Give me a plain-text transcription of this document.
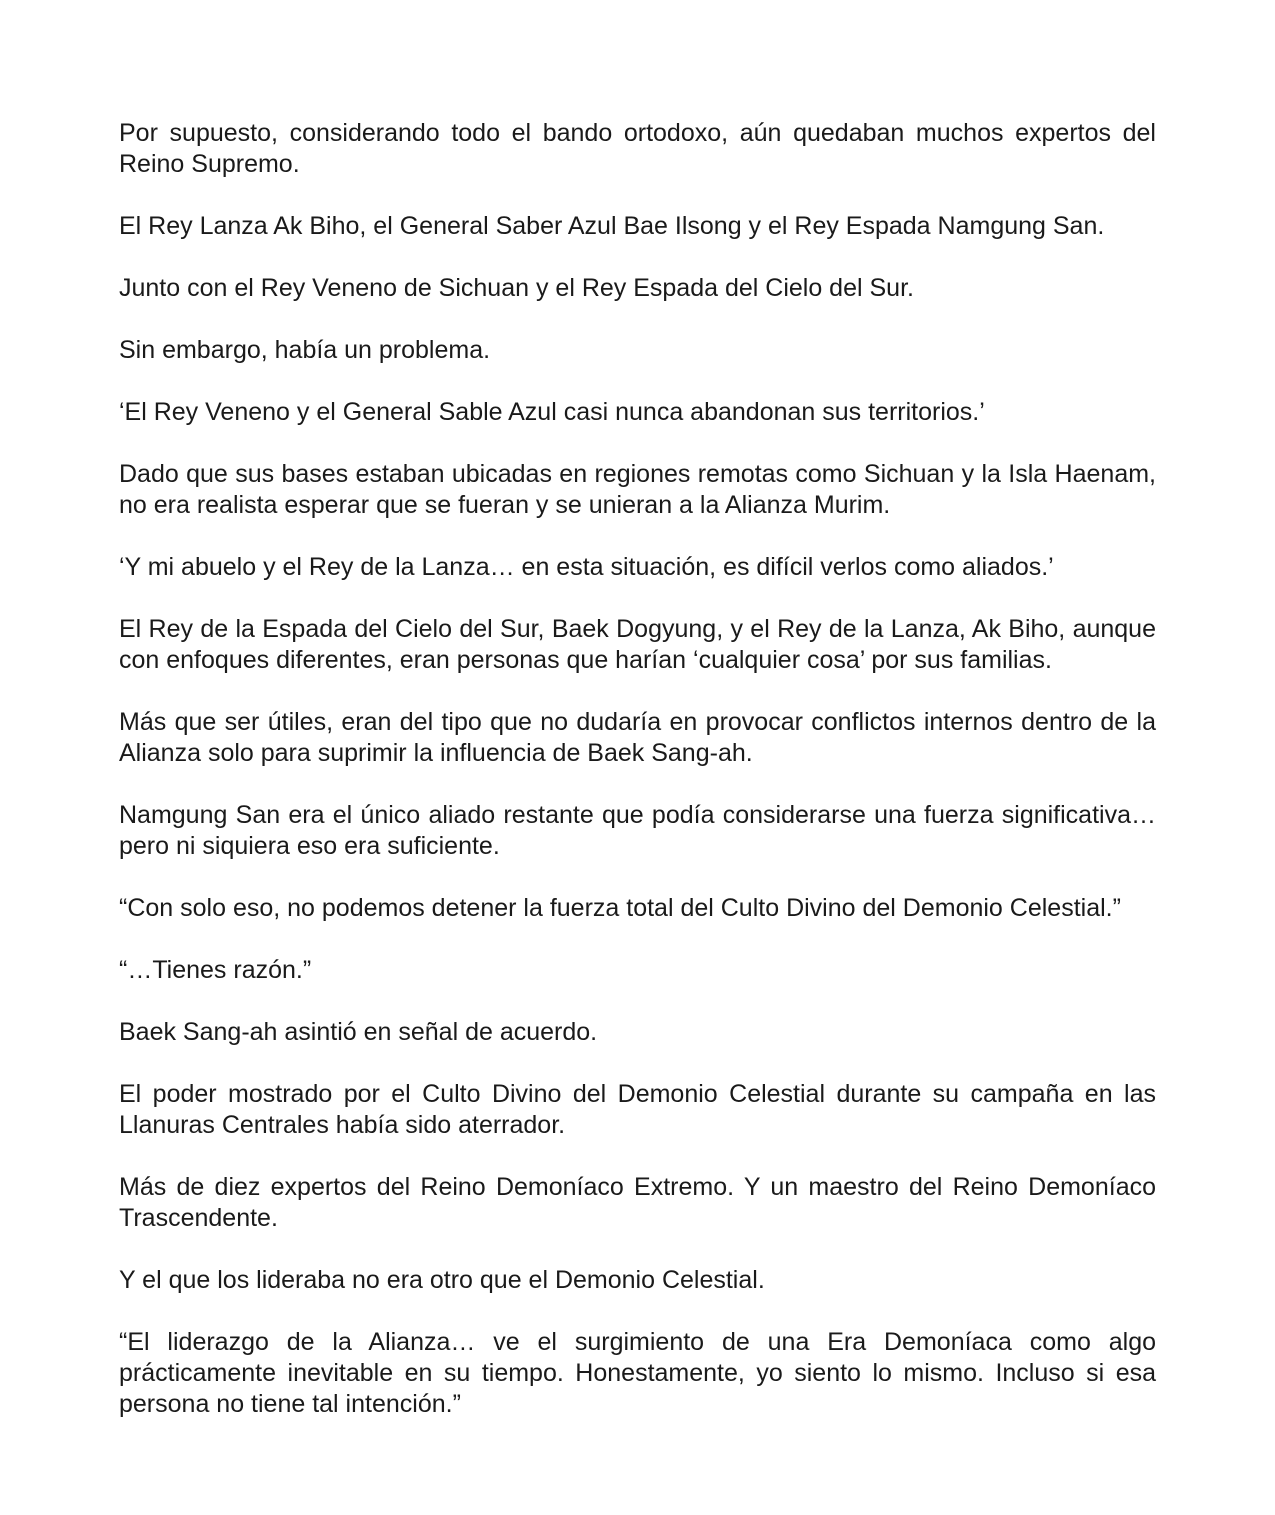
Por supuesto, considerando todo el bando ortodoxo, aún quedaban muchos expertos del Reino Supremo.

El Rey Lanza Ak Biho, el General Saber Azul Bae Ilsong y el Rey Espada Namgung San.

Junto con el Rey Veneno de Sichuan y el Rey Espada del Cielo del Sur.

Sin embargo, había un problema.

‘El Rey Veneno y el General Sable Azul casi nunca abandonan sus territorios.’

Dado que sus bases estaban ubicadas en regiones remotas como Sichuan y la Isla Haenam, no era realista esperar que se fueran y se unieran a la Alianza Murim.

‘Y mi abuelo y el Rey de la Lanza… en esta situación, es difícil verlos como aliados.’

El Rey de la Espada del Cielo del Sur, Baek Dogyung, y el Rey de la Lanza, Ak Biho, aunque con enfoques diferentes, eran personas que harían ‘cualquier cosa’ por sus familias.

Más que ser útiles, eran del tipo que no dudaría en provocar conflictos internos dentro de la Alianza solo para suprimir la influencia de Baek Sang-ah.

Namgung San era el único aliado restante que podía considerarse una fuerza significativa… pero ni siquiera eso era suficiente.

“Con solo eso, no podemos detener la fuerza total del Culto Divino del Demonio Celestial.”

“…Tienes razón.”

Baek Sang-ah asintió en señal de acuerdo.

El poder mostrado por el Culto Divino del Demonio Celestial durante su campaña en las Llanuras Centrales había sido aterrador.

Más de diez expertos del Reino Demoníaco Extremo. Y un maestro del Reino Demoníaco Trascendente.

Y el que los lideraba no era otro que el Demonio Celestial.

“El liderazgo de la Alianza… ve el surgimiento de una Era Demoníaca como algo prácticamente inevitable en su tiempo. Honestamente, yo siento lo mismo. Incluso si esa persona no tiene tal intención.”
